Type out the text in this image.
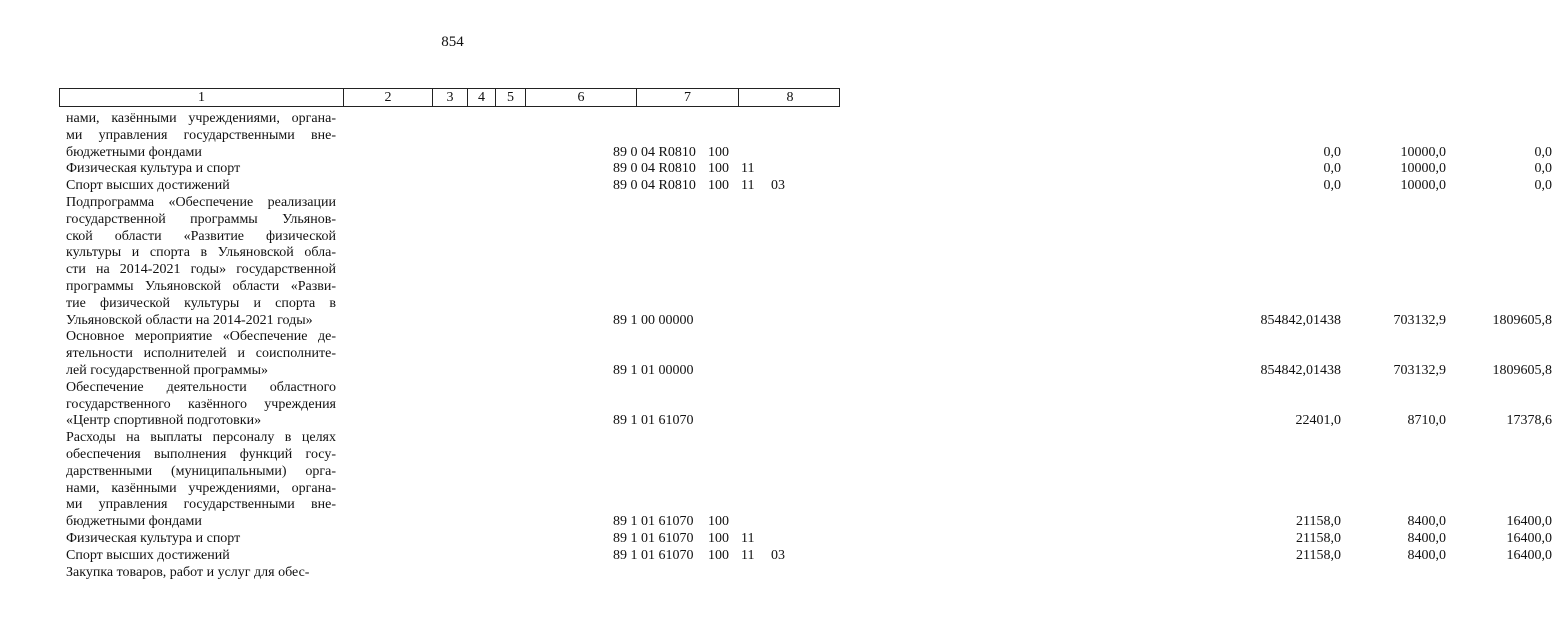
854
1	2	3	4	5	6	7	8
нами, казёнными учреждениями, органа-
ми управления государственными вне-
бюджетными фондами	89 0 04 R0810 100	0,0	10000,0	0,0
Физическая культура и спорт	89 0 04 R0810 100 11	0,0	10000,0	0,0
Спорт высших достижений	89 0 04 R0810 100 11 03	0,0	10000,0	0,0
Подпрограмма «Обеспечение реализации
государственной программы Ульянов-
ской области «Развитие физической
культуры и спорта в Ульяновской обла-
сти на 2014-2021 годы» государственной
программы Ульяновской области «Разви-
тие физической культуры и спорта в
Ульяновской области на 2014-2021 годы»	89 1 00 00000	854842,01438	703132,9	1809605,8
Основное мероприятие «Обеспечение де-
ятельности исполнителей и соисполните-
лей государственной программы»	89 1 01 00000	854842,01438	703132,9	1809605,8
Обеспечение деятельности областного
государственного казённого учреждения
«Центр спортивной подготовки»	89 1 01 61070	22401,0	8710,0	17378,6
Расходы на выплаты персоналу в целях
обеспечения выполнения функций госу-
дарственными (муниципальными) орга-
нами, казёнными учреждениями, органа-
ми управления государственными вне-
бюджетными фондами	89 1 01 61070 100	21158,0	8400,0	16400,0
Физическая культура и спорт	89 1 01 61070 100 11	21158,0	8400,0	16400,0
Спорт высших достижений	89 1 01 61070 100 11 03	21158,0	8400,0	16400,0
Закупка товаров, работ и услуг для обес-
